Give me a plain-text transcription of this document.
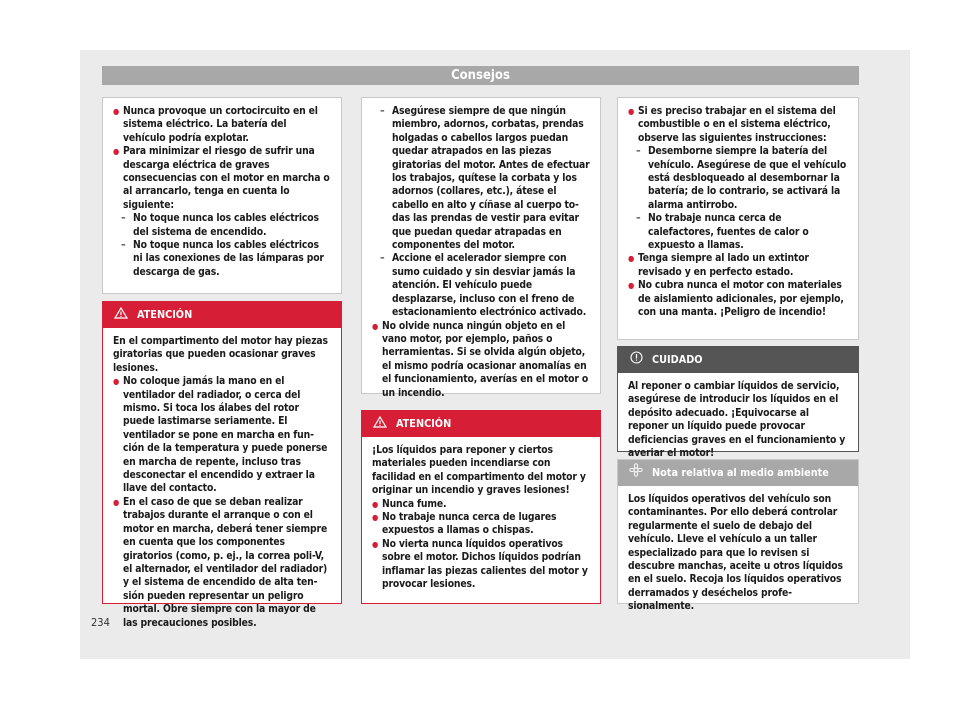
Consejos

● Nunca provoque un cortocircuito en el sistema eléctrico. La batería del vehículo podría explotar.

● Para minimizar el riesgo de sufrir una descarga eléctrica de graves consecuencias con el motor en marcha o al arrancarlo, tenga en cuenta lo siguiente:

– No toque nunca los cables eléctricos del sistema de encendido.

– No toque nunca los cables eléctricos ni las conexiones de las lámparas por descarga de gas.

ATENCIÓN

En el compartimento del motor hay piezas giratorias que pueden ocasionar graves lesiones.

● No coloque jamás la mano en el ventilador del radiador, o cerca del mismo. Si toca los álabes del rotor puede lastimarse seriamente. El ventilador se pone en marcha en función de la temperatura y puede ponerse en marcha de repente, incluso tras desconectar el encendido y extraer la llave del contacto.

● En el caso de que se deban realizar trabajos durante el arranque o con el motor en marcha, deberá tener siempre en cuenta que los componentes giratorios (como, p. ej., la correa poli-V, el alternador, el ventilador del radiador) y el sistema de encendido de alta tensión pueden representar un peligro mortal. Obre siempre con la mayor de las precauciones posibles.

– Asegúrese siempre de que ningún miembro, adornos, corbatas, prendas holgadas o cabellos largos puedan quedar atrapados en las piezas giratorias del motor. Antes de efectuar los trabajos, quítese la corbata y los adornos (collares, etc.), átese el cabello en alto y cíñase al cuerpo todas las prendas de vestir para evitar que puedan quedar atrapadas en componentes del motor.

– Accione el acelerador siempre con sumo cuidado y sin desviar jamás la atención. El vehículo puede desplazarse, incluso con el freno de estacionamiento electrónico activado.

● No olvide nunca ningún objeto en el vano motor, por ejemplo, paños o herramientas. Si se olvida algún objeto, el mismo podría ocasionar anomalías en el funcionamiento, averías en el motor o un incendio.

ATENCIÓN

¡Los líquidos para reponer y ciertos materiales pueden incendiarse con facilidad en el compartimento del motor y originar un incendio y graves lesiones!

● Nunca fume.

● No trabaje nunca cerca de lugares expuestos a llamas o chispas.

● No vierta nunca líquidos operativos sobre el motor. Dichos líquidos podrían inflamar las piezas calientes del motor y provocar lesiones.

● Si es preciso trabajar en el sistema del combustible o en el sistema eléctrico, observe las siguientes instrucciones:

– Desemborne siempre la batería del vehículo. Asegúrese de que el vehículo está desbloqueado al desembornar la batería; de lo contrario, se activará la alarma antirrobo.

– No trabaje nunca cerca de calefactores, fuentes de calor o expuesto a llamas.

● Tenga siempre al lado un extintor revisado y en perfecto estado.

● No cubra nunca el motor con materiales de aislamiento adicionales, por ejemplo, con una manta. ¡Peligro de incendio!

CUIDADO
Al reponer o cambiar líquidos de servicio, asegúrese de introducir los líquidos en el depósito adecuado. ¡Equivocarse al reponer un líquido puede provocar deficiencias graves en el funcionamiento y averiar el motor!
Nota relativa al medio ambiente
Los líquidos operativos del vehículo son contaminantes. Por ello deberá controlar regularmente el suelo de debajo del vehículo. Lleve el vehículo a un taller especializado para que lo revisen si descubre manchas, aceite u otros líquidos en el suelo. Recoja los líquidos operativos derramados y deséchelos profesionalmente.
234
